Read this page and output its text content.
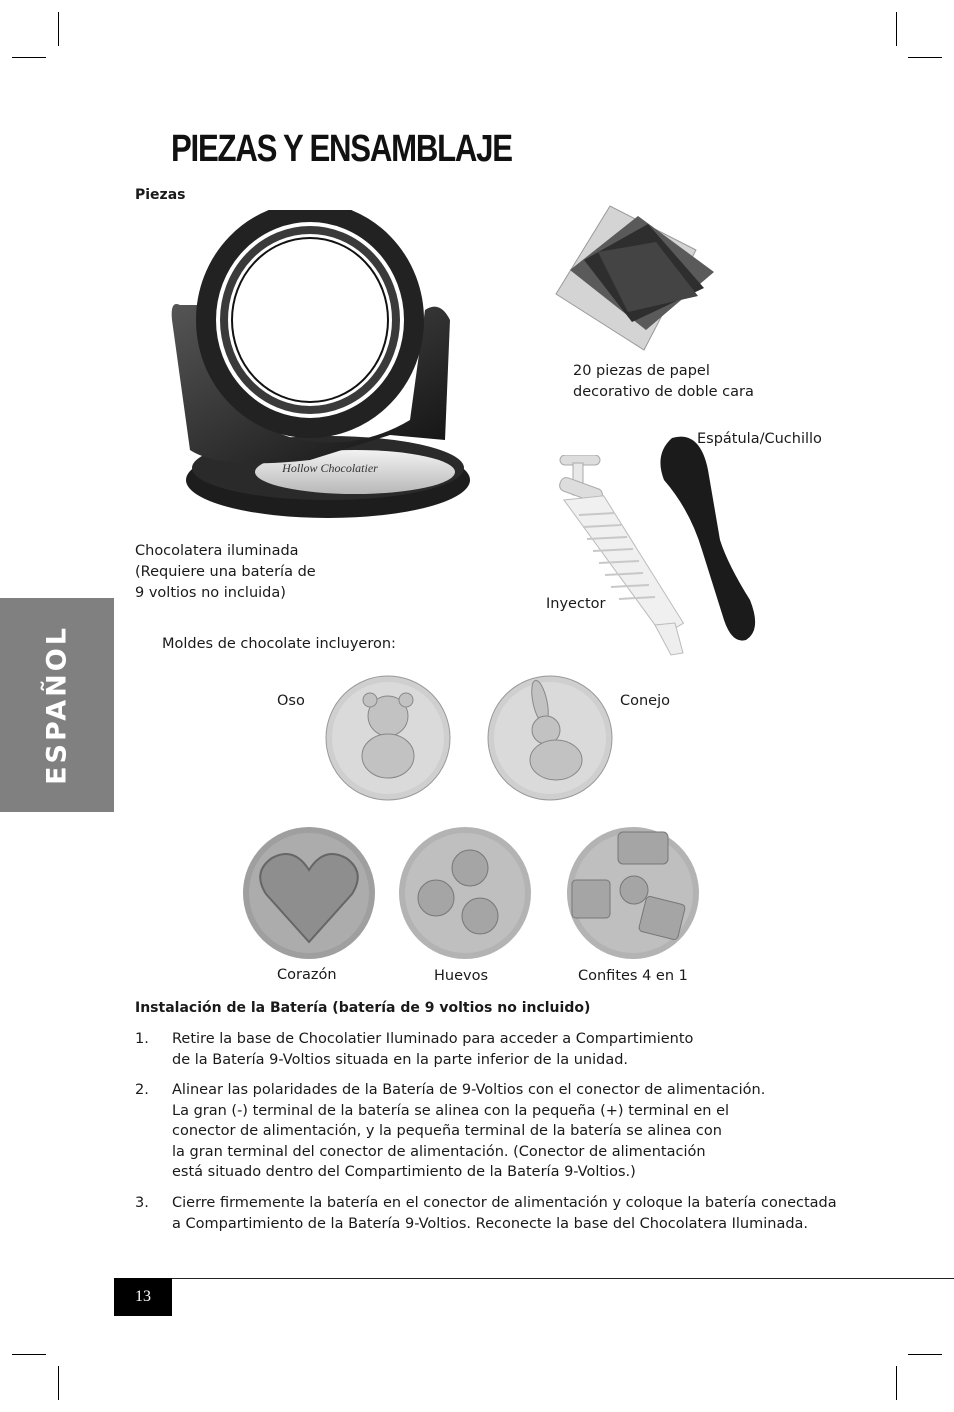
PIEZAS Y ENSAMBLAJE
Piezas
ESPAÑOL
Hollow Chocolatier
20 piezas de papel
decorativo de doble cara
Espátula/Cuchillo
Chocolatera iluminada
(Requiere una batería de
9 voltios no incluida)
Inyector
Moldes de chocolate incluyeron:
Oso	Conejo
Corazón	Huevos	Confites 4 en 1
Instalación de la Batería (batería de 9 voltios no incluido)
1. Retire la base de Chocolatier Iluminado para acceder a Compartimiento
de la Batería 9-Voltios situada en la parte inferior de la unidad.
2. Alinear las polaridades de la Batería de 9-Voltios con el conector de alimentación.
La gran (-) terminal de la batería se alinea con la pequeña (+) terminal en el
conector de alimentación, y la pequeña terminal de la batería se alinea con
la gran terminal del conector de alimentación. (Conector de alimentación
está situado dentro del Compartimiento de la Batería 9-Voltios.)
3. Cierre firmemente la batería en el conector de alimentación y coloque la batería conectada
a Compartimiento de la Batería 9-Voltios. Reconecte la base del Chocolatera Iluminada.
13
